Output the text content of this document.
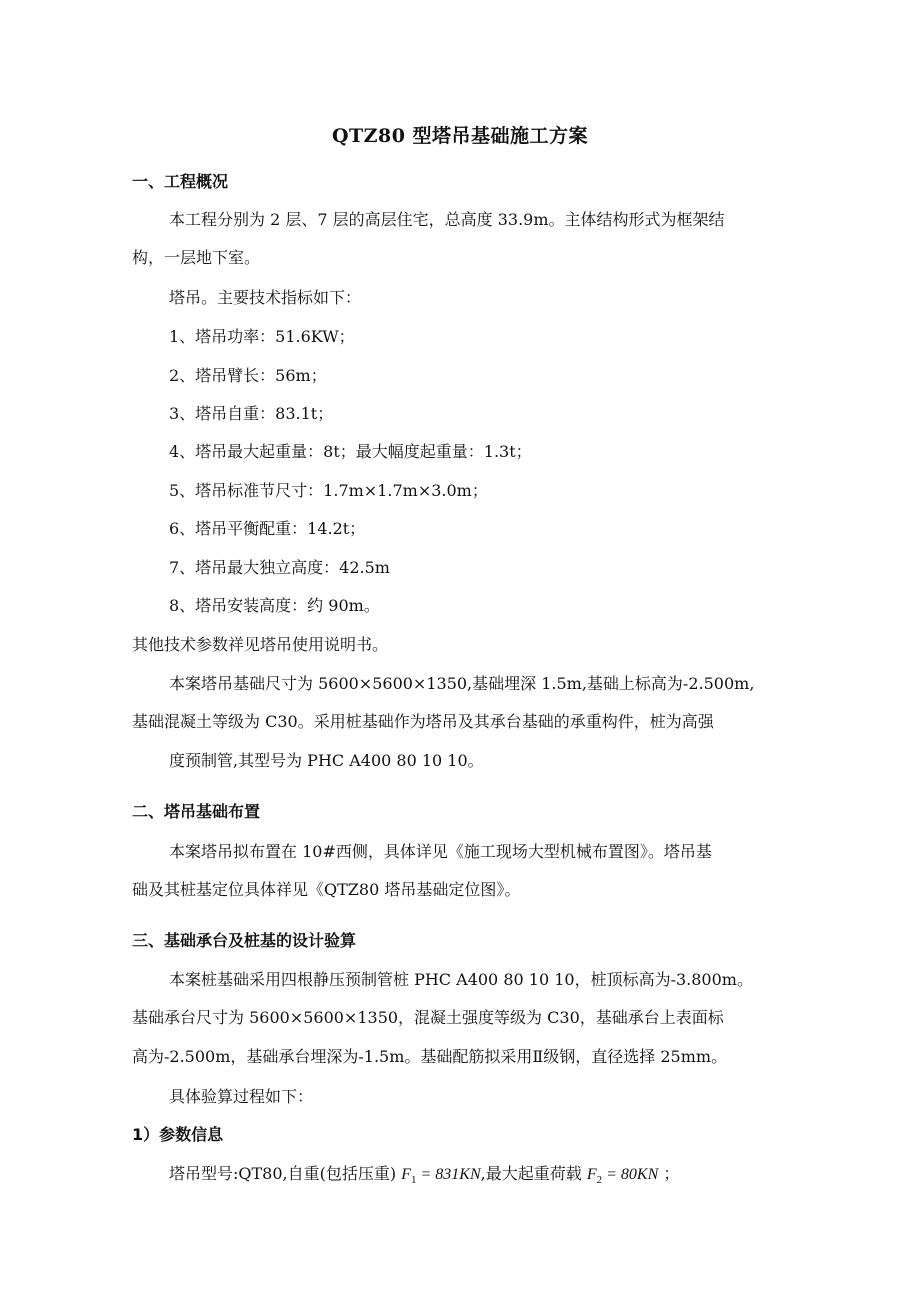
QTZ80 型塔吊基础施工方案
一、工程概况
本工程分别为 2 层、7 层的高层住宅，总高度 33.9m。主体结构形式为框架结
构，一层地下室。
塔吊。主要技术指标如下：
1、塔吊功率：51.6KW；
2、塔吊臂长：56m；
3、塔吊自重：83.1t；
4、塔吊最大起重量：8t；最大幅度起重量：1.3t；
5、塔吊标准节尺寸：1.7m×1.7m×3.0m；
6、塔吊平衡配重：14.2t；
7、塔吊最大独立高度：42.5m
8、塔吊安装高度：约 90m。
其他技术参数祥见塔吊使用说明书。
本案塔吊基础尺寸为 5600×5600×1350,基础埋深 1.5m,基础上标高为-2.500m,
基础混凝土等级为 C30。采用桩基础作为塔吊及其承台基础的承重构件，桩为高强
度预制管,其型号为 PHC A400 80 10 10。
二、塔吊基础布置
本案塔吊拟布置在 10#西侧，具体详见《施工现场大型机械布置图》。塔吊基
础及其桩基定位具体祥见《QTZ80 塔吊基础定位图》。
三、基础承台及桩基的设计验算
本案桩基础采用四根静压预制管桩 PHC A400 80 10 10，桩顶标高为-3.800m。
基础承台尺寸为 5600×5600×1350，混凝土强度等级为 C30，基础承台上表面标
高为-2.500m，基础承台埋深为-1.5m。基础配筋拟采用Ⅱ级钢，直径选择 25mm。
具体验算过程如下：
1）参数信息
塔吊型号:QT80,自重(包括压重) $F_1 = 831KN$,最大起重荷载 $F_2 = 80KN$ ；
